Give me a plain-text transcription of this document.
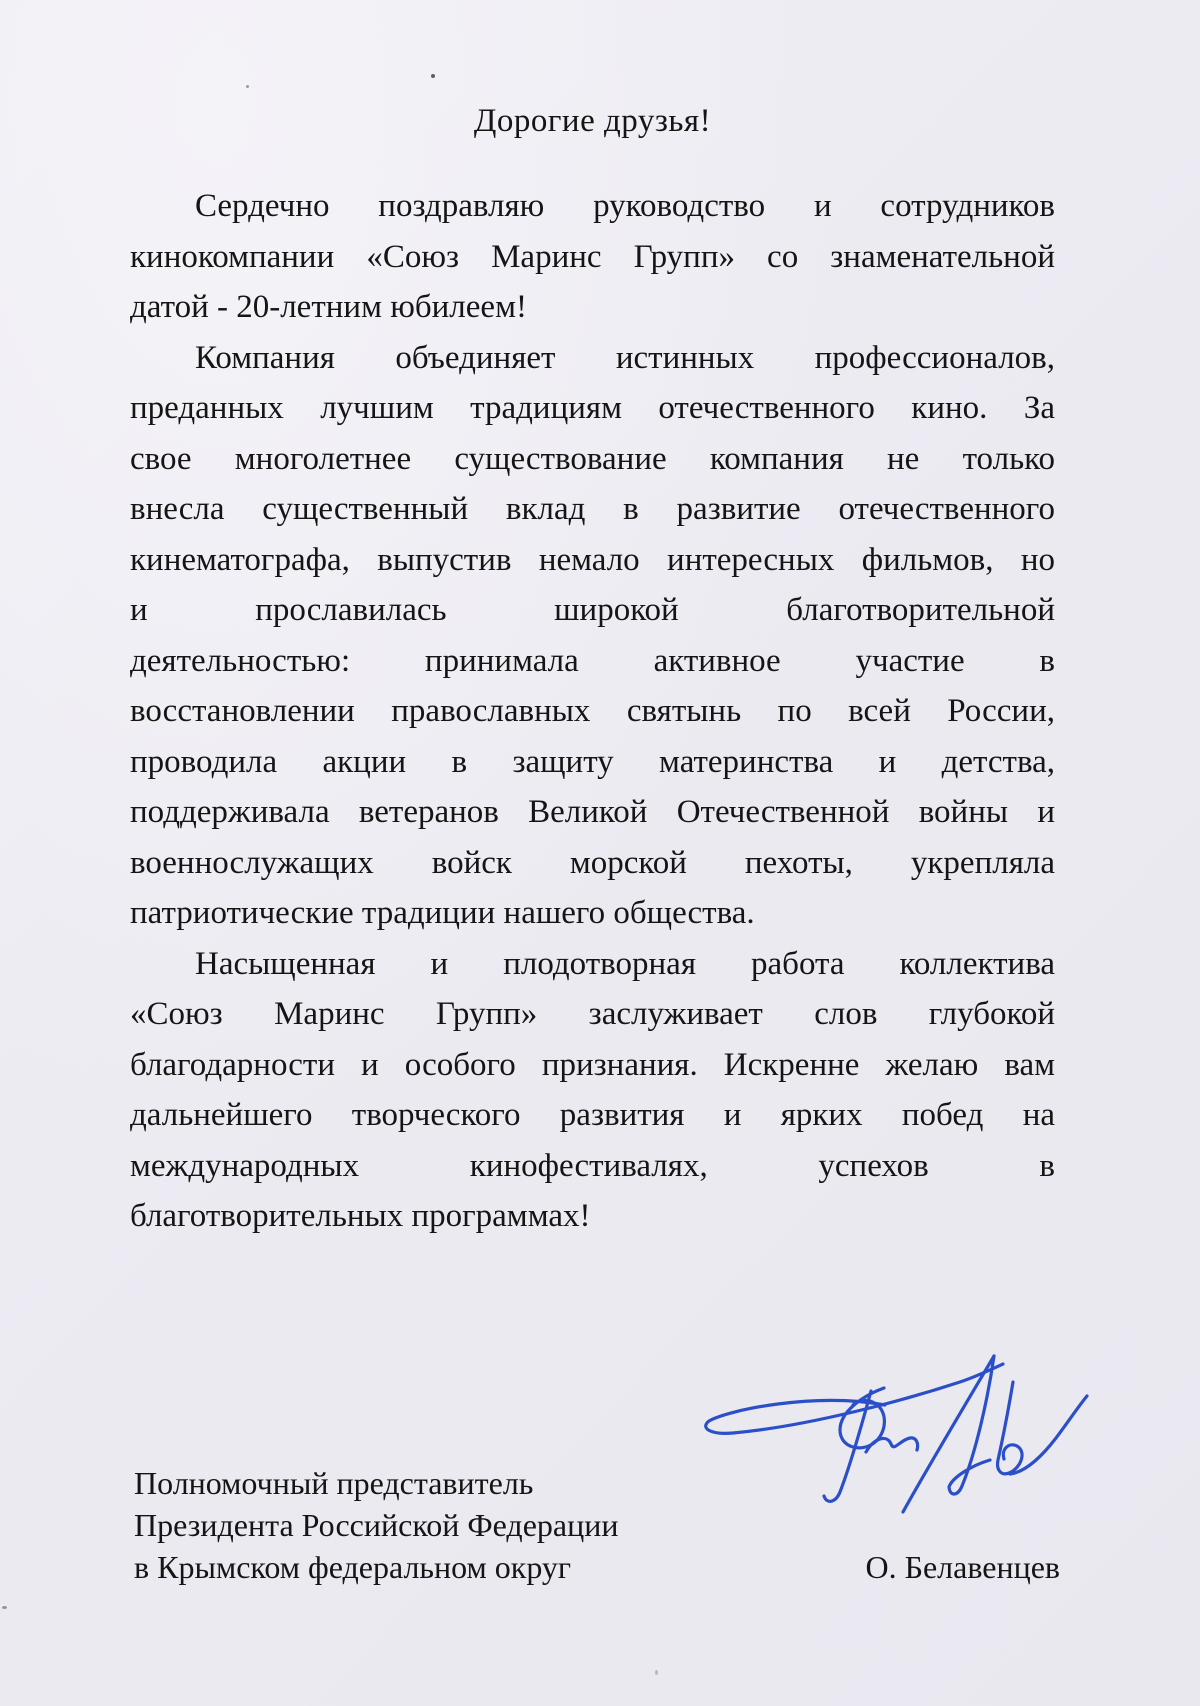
Дорогие друзья!
Сердечно поздравляю руководство и сотрудников
кинокомпании «Союз Маринс Групп» со знаменательной
датой - 20-летним юбилеем!
Компания объединяет истинных профессионалов,
преданных лучшим традициям отечественного кино. За
свое многолетнее существование компания не только
внесла существенный вклад в развитие отечественного
кинематографа, выпустив немало интересных фильмов, но
и прославилась широкой благотворительной
деятельностью: принимала активное участие в
восстановлении православных святынь по всей России,
проводила акции в защиту материнства и детства,
поддерживала ветеранов Великой Отечественной войны и
военнослужащих войск морской пехоты, укрепляла
патриотические традиции нашего общества.
Насыщенная и плодотворная работа коллектива
«Союз Маринс Групп» заслуживает слов глубокой
благодарности и особого признания. Искренне желаю вам
дальнейшего творческого развития и ярких побед на
международных кинофестивалях, успехов в
благотворительных программах!
Полномочный представитель
Президента Российской Федерации
в Крымском федеральном округ	О. Белавенцев
